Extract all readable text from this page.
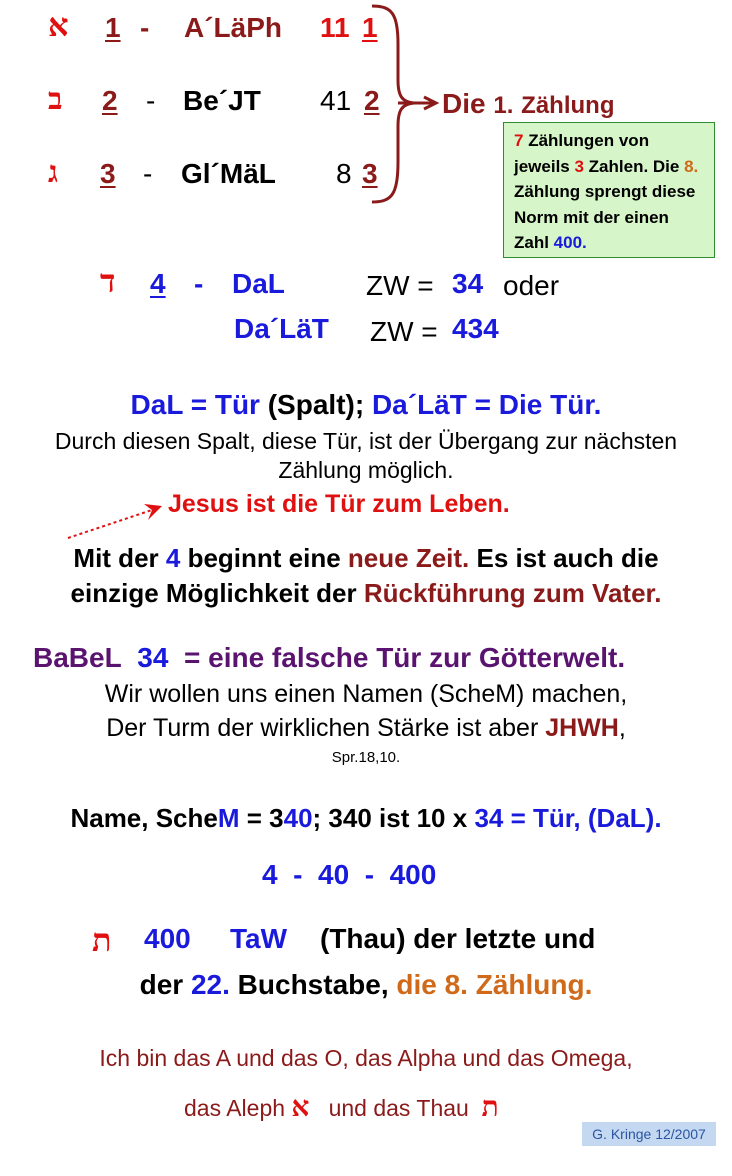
א 1 - A´LäPh 11 1
ב 2 - Be´JT 41 2
ג 3 - Gl´MäL 8 3
Die 1. Zählung
7 Zählungen von jeweils 3 Zahlen. Die 8. Zählung sprengt diese Norm mit der einen Zahl 400.
ד 4 - DaL	ZW = 34 oder
Da´LäT ZW = 434
DaL = Tür (Spalt); Da´LäT = Die Tür.
Durch diesen Spalt, diese Tür, ist der Übergang zur nächsten
Zählung möglich.
Jesus ist die Tür zum Leben.
Mit der 4 beginnt eine neue Zeit. Es ist auch die
einzige Möglichkeit der Rückführung zum Vater.
BaBeL 34 = eine falsche Tür zur Götterwelt.
Wir wollen uns einen Namen (ScheM) machen,
Der Turm der wirklichen Stärke ist aber JHWH,
Spr.18,10.
Name, ScheM = 340; 340 ist 10 x 34 = Tür, (DaL).
4  -  40  -  400
ת 400 TaW (Thau) der letzte und
der 22. Buchstabe, die 8. Zählung.
Ich bin das A und das O, das Alpha und das Omega,
das Aleph א und das Thau ת
G. Kringe 12/2007
